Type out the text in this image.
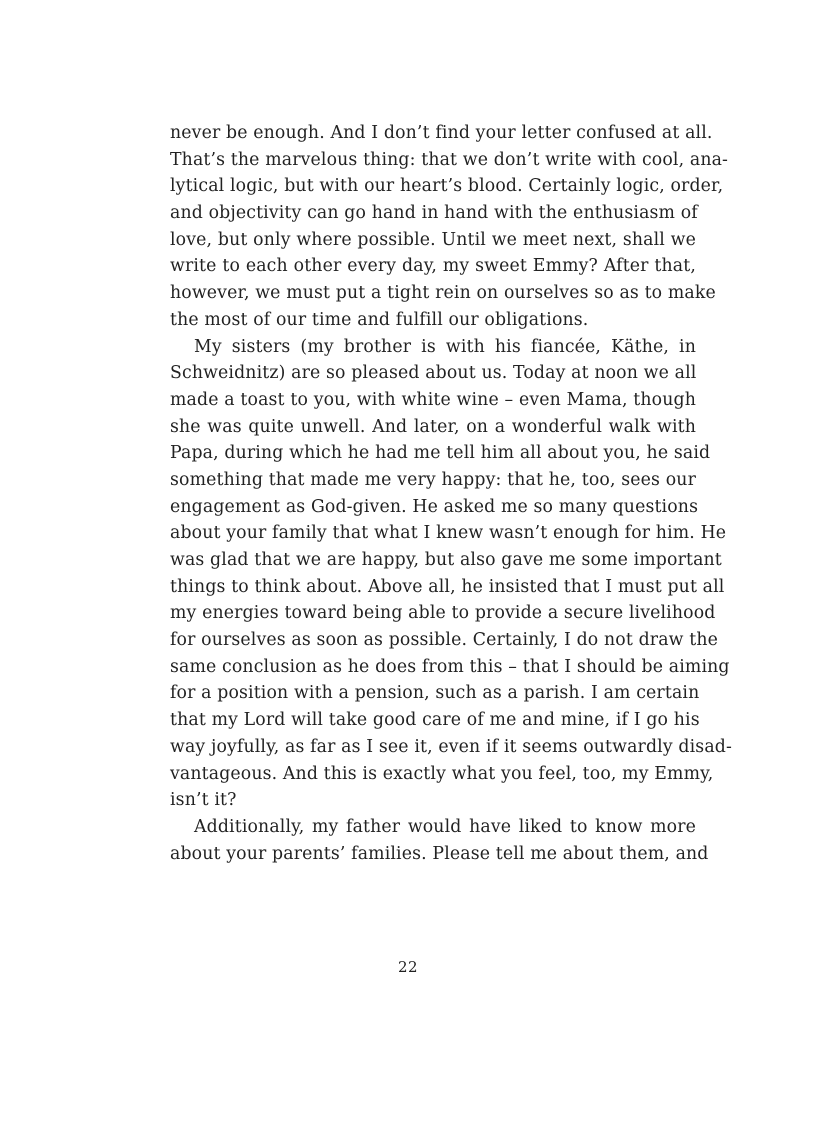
never be enough. And I don’t find your letter confused at all.
That’s the marvelous thing: that we don’t write with cool, ana-
lytical logic, but with our heart’s blood. Certainly logic, order,
and objectivity can go hand in hand with the enthusiasm of
love, but only where possible. Until we meet next, shall we
write to each other every day, my sweet Emmy? After that,
however, we must put a tight rein on ourselves so as to make
the most of our time and fulfill our obligations.
My sisters (my brother is with his fiancée, Käthe, in
Schweidnitz) are so pleased about us. Today at noon we all
made a toast to you, with white wine – even Mama, though
she was quite unwell. And later, on a wonderful walk with
Papa, during which he had me tell him all about you, he said
something that made me very happy: that he, too, sees our
engagement as God-given. He asked me so many questions
about your family that what I knew wasn’t enough for him. He
was glad that we are happy, but also gave me some important
things to think about. Above all, he insisted that I must put all
my energies toward being able to provide a secure livelihood
for ourselves as soon as possible. Certainly, I do not draw the
same conclusion as he does from this – that I should be aiming
for a position with a pension, such as a parish. I am certain
that my Lord will take good care of me and mine, if I go his
way joyfully, as far as I see it, even if it seems outwardly disad-
vantageous. And this is exactly what you feel, too, my Emmy,
isn’t it?
Additionally, my father would have liked to know more
about your parents’ families. Please tell me about them, and
22
